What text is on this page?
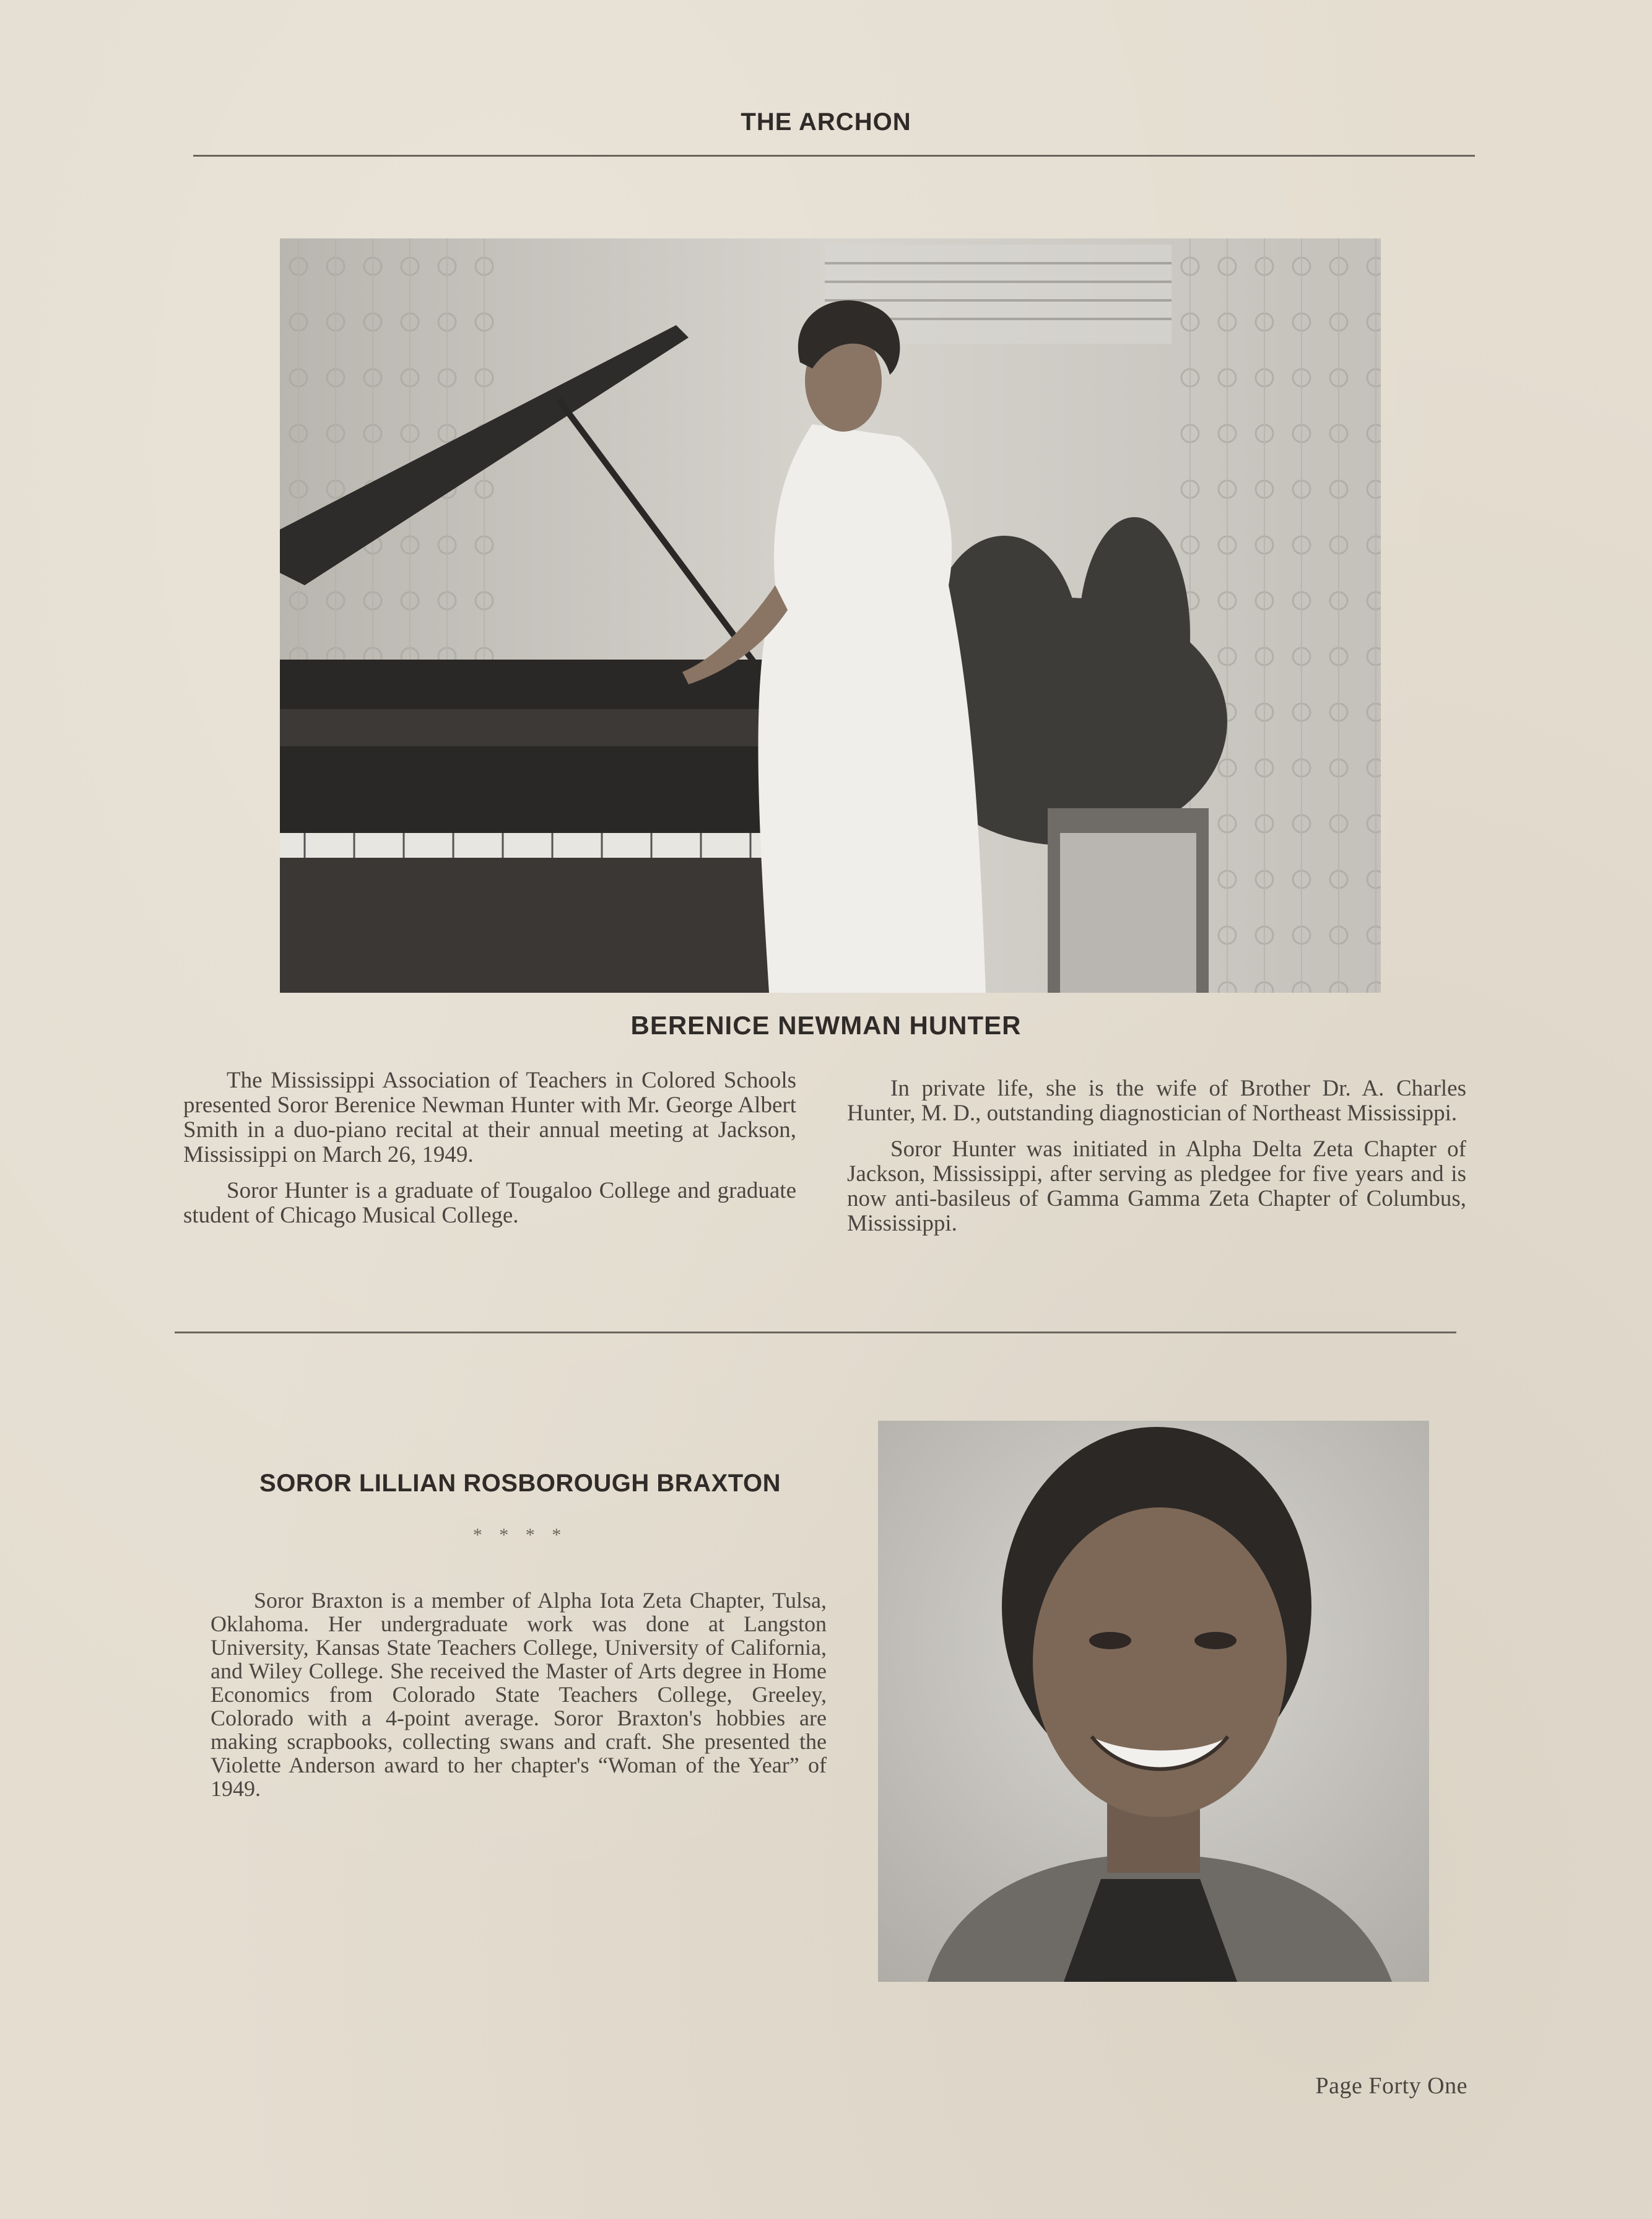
THE ARCHON
BERENICE NEWMAN HUNTER

The Mississippi Association of Teachers in Colored Schools presented Soror Berenice Newman Hunter with Mr. George Albert Smith in a duo-piano recital at their annual meeting at Jackson, Mississippi on March 26, 1949.

Soror Hunter is a graduate of Tougaloo College and graduate student of Chicago Musical College.

In private life, she is the wife of Brother Dr. A. Charles Hunter, M. D., outstanding diagnostician of Northeast Mississippi.

Soror Hunter was initiated in Alpha Delta Zeta Chapter of Jackson, Mississippi, after serving as pledgee for five years and is now anti-basileus of Gamma Gamma Zeta Chapter of Columbus, Mississippi.

SOROR LILLIAN ROSBOROUGH BRAXTON
* * * *

Soror Braxton is a member of Alpha Iota Zeta Chapter, Tulsa, Oklahoma. Her undergraduate work was done at Langston University, Kansas State Teachers College, University of California, and Wiley College. She received the Master of Arts degree in Home Economics from Colorado State Teachers College, Greeley, Colorado with a 4-point average. Soror Braxton's hobbies are making scrapbooks, collecting swans and craft. She presented the Violette Anderson award to her chapter's “Woman of the Year” of 1949.

Page Forty One
